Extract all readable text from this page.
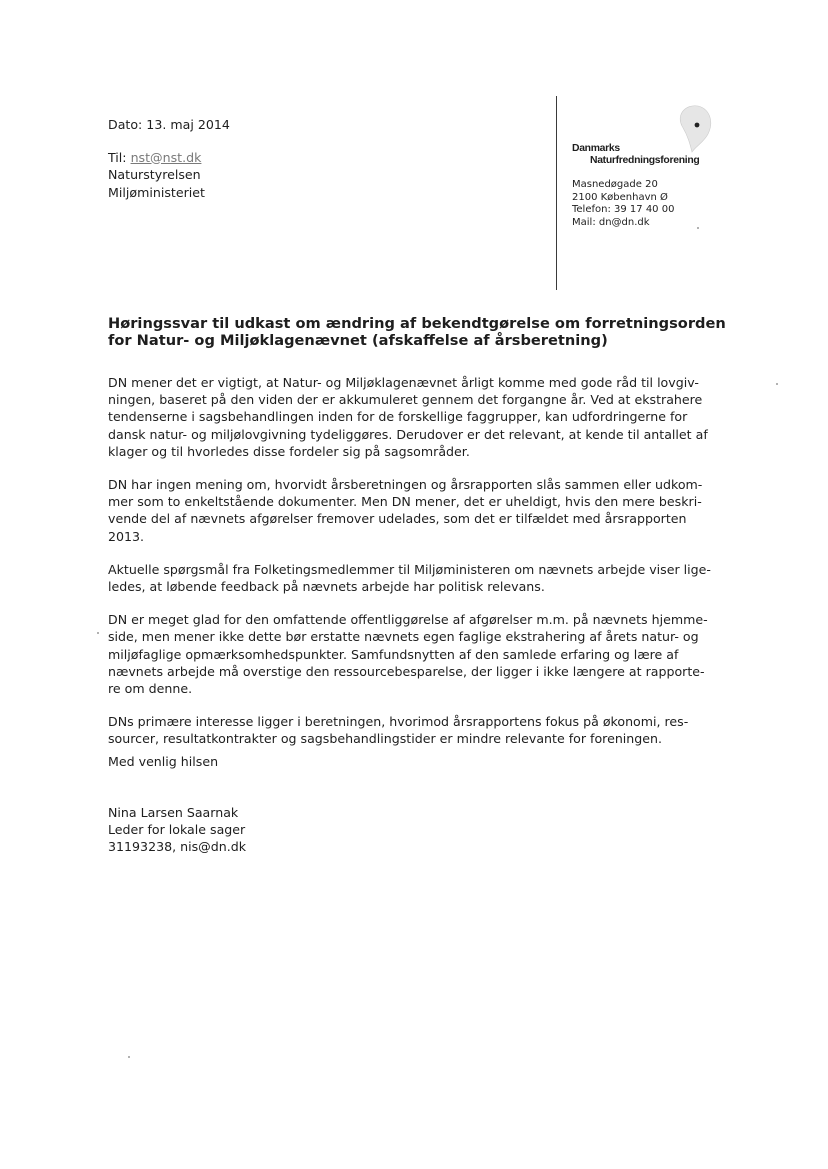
Dato: 13. maj 2014
Til: nst@nst.dk
Naturstyrelsen
Miljøministeriet
Danmarks
Naturfredningsforening
Masnedøgade 20
2100 København Ø
Telefon: 39 17 40 00
Mail: dn@dn.dk
Høringssvar til udkast om ændring af bekendtgørelse om forretningsorden
for Natur- og Miljøklagenævnet (afskaffelse af årsberetning)

DN mener det er vigtigt, at Natur- og Miljøklagenævnet årligt komme med gode råd til lovgiv-
ningen, baseret på den viden der er akkumuleret gennem det forgangne år. Ved at ekstrahere
tendenserne i sagsbehandlingen inden for de forskellige faggrupper, kan udfordringerne for
dansk natur- og miljølovgivning tydeliggøres. Derudover er det relevant, at kende til antallet af
klager og til hvorledes disse fordeler sig på sagsområder.

DN har ingen mening om, hvorvidt årsberetningen og årsrapporten slås sammen eller udkom-
mer som to enkeltstående dokumenter. Men DN mener, det er uheldigt, hvis den mere beskri-
vende del af nævnets afgørelser fremover udelades, som det er tilfældet med årsrapporten
2013.

Aktuelle spørgsmål fra Folketingsmedlemmer til Miljøministeren om nævnets arbejde viser lige-
ledes, at løbende feedback på nævnets arbejde har politisk relevans.

DN er meget glad for den omfattende offentliggørelse af afgørelser m.m. på nævnets hjemme-
side, men mener ikke dette bør erstatte nævnets egen faglige ekstrahering af årets natur- og
miljøfaglige opmærksomhedspunkter. Samfundsnytten af den samlede erfaring og lære af
nævnets arbejde må overstige den ressourcebesparelse, der ligger i ikke længere at rapporte-
re om denne.

DNs primære interesse ligger i beretningen, hvorimod årsrapportens fokus på økonomi, res-
sourcer, resultatkontrakter og sagsbehandlingstider er mindre relevante for foreningen.

Med venlig hilsen
Nina Larsen Saarnak
Leder for lokale sager
31193238, nis@dn.dk
